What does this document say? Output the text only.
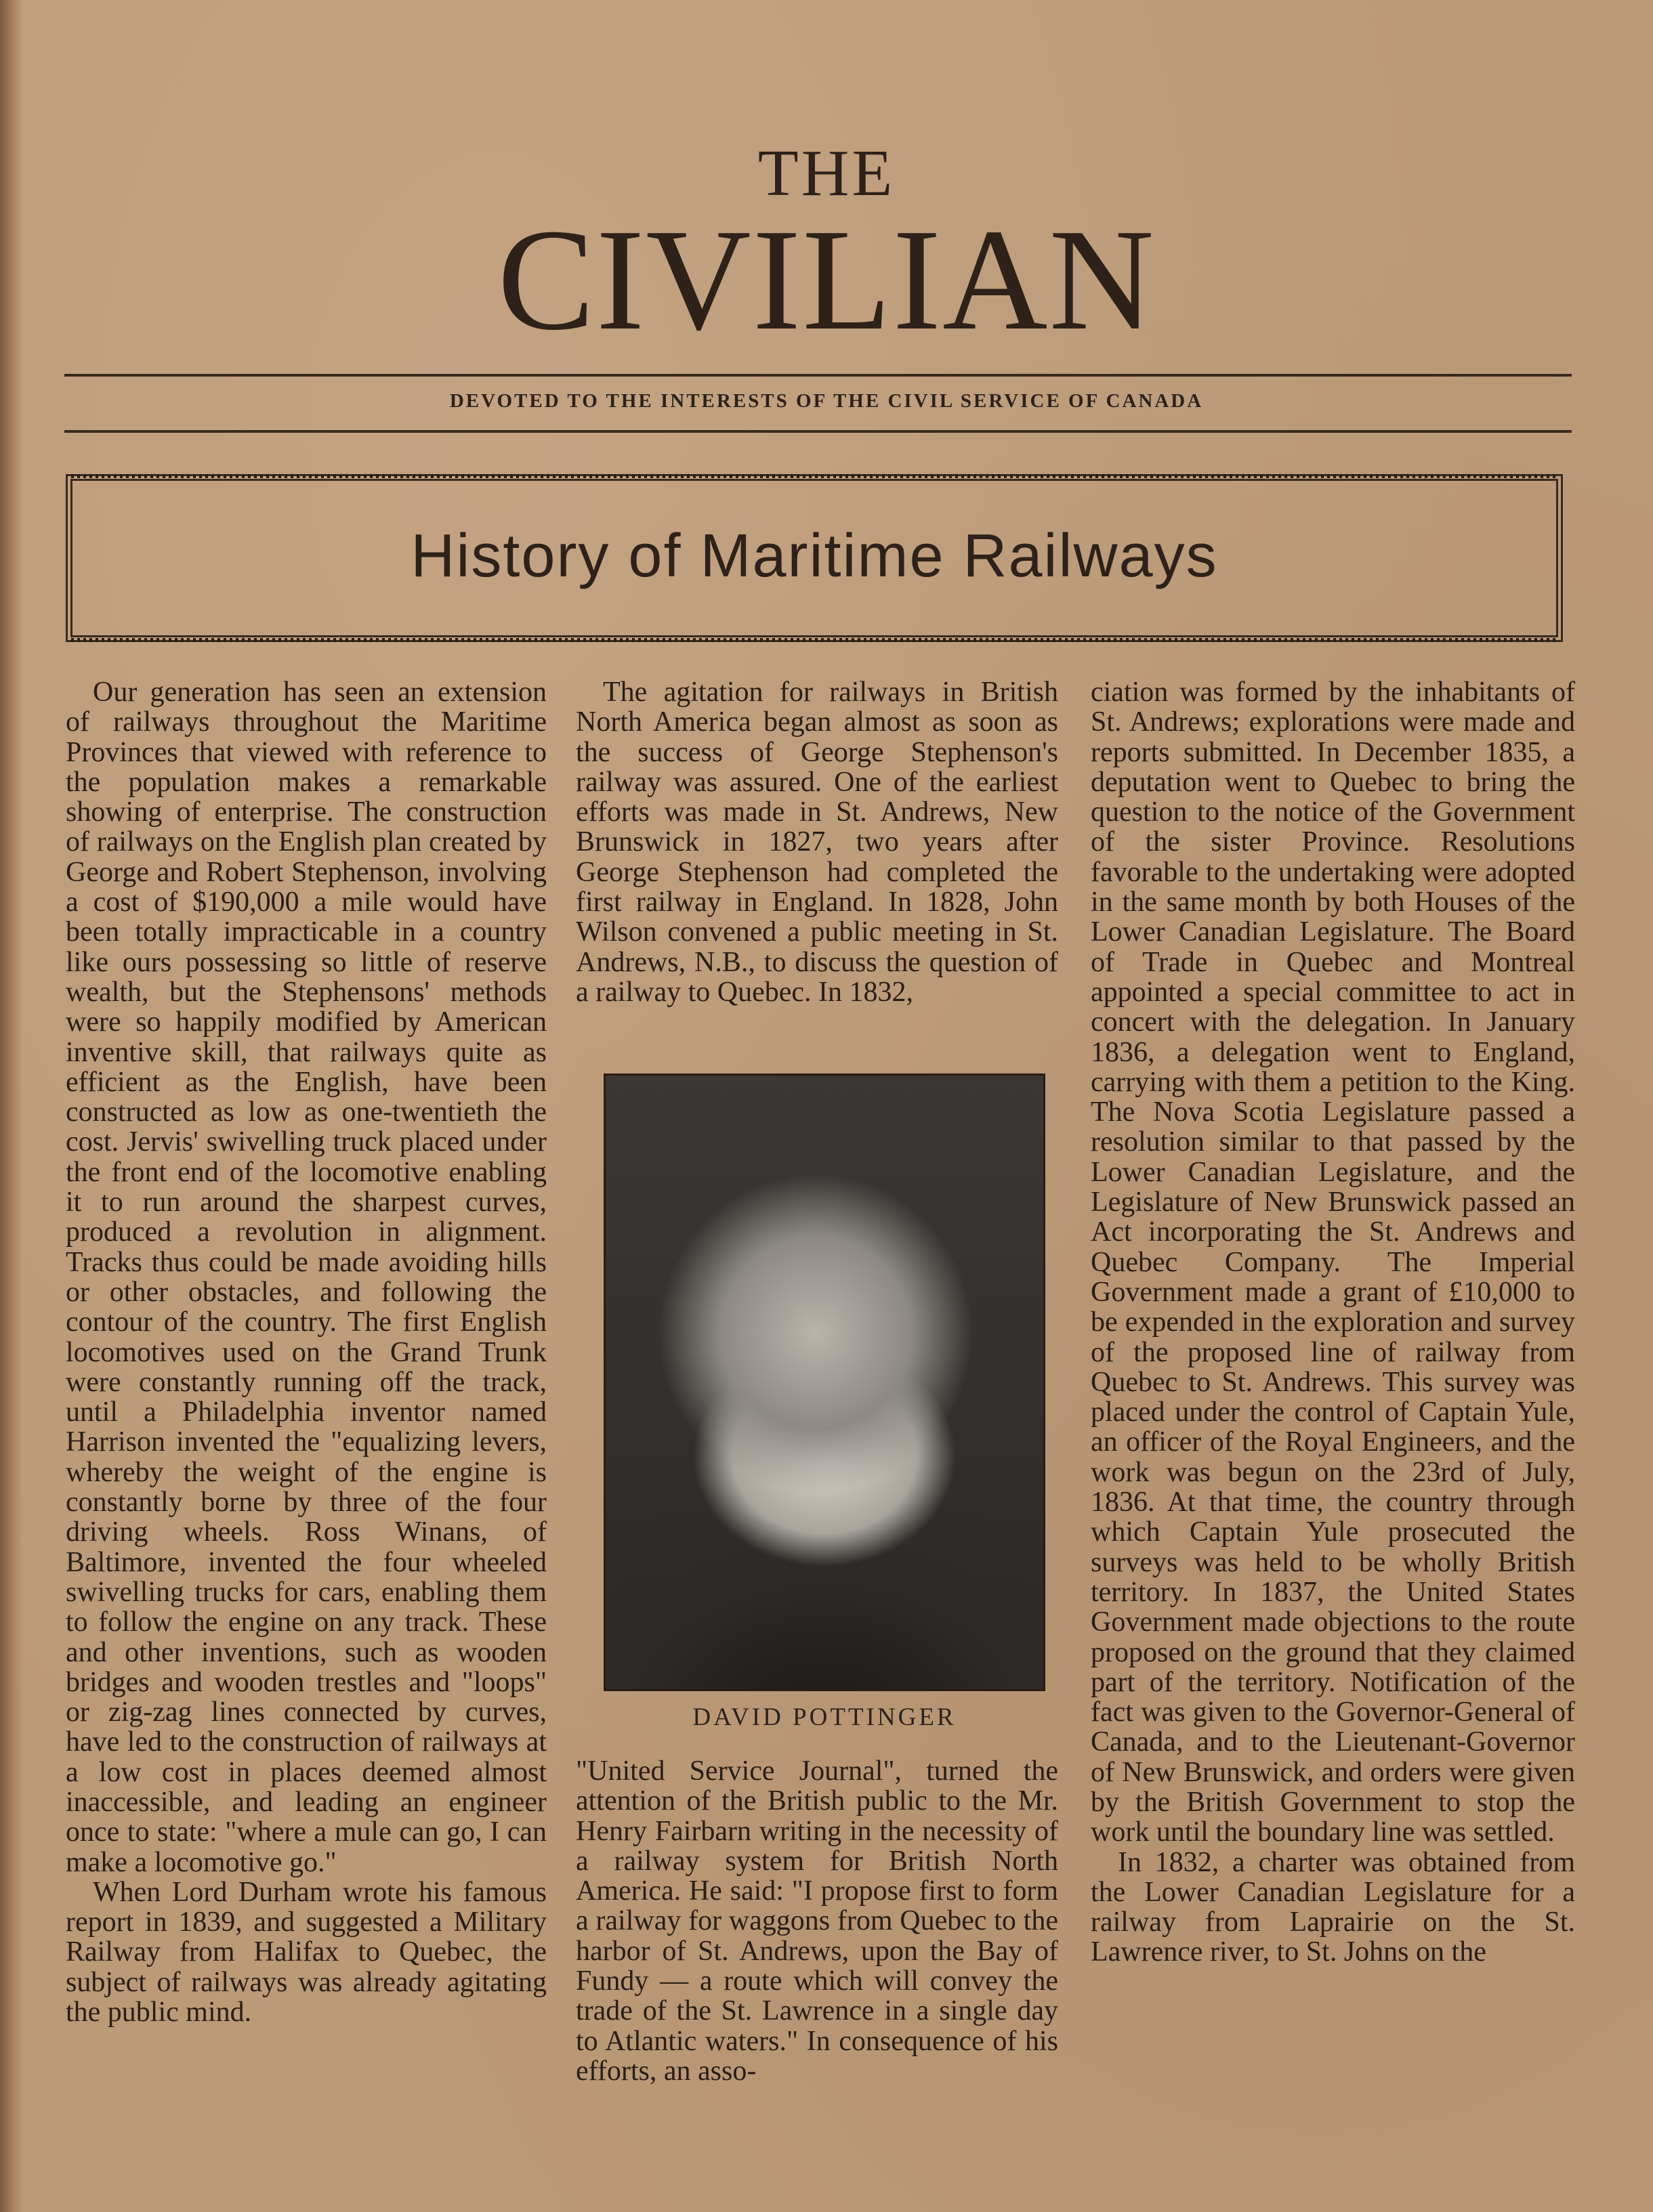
THE
CIVILIAN
DEVOTED TO THE INTERESTS OF THE CIVIL SERVICE OF CANADA
History of Maritime Railways

Our generation has seen an extension of railways throughout the Maritime Provinces that viewed with reference to the population makes a remarkable showing of enterprise. The construction of railways on the English plan created by George and Robert Stephenson, involving a cost of $190,000 a mile would have been totally impracticable in a country like ours possessing so little of reserve wealth, but the Stephensons' methods were so happily modified by American inventive skill, that railways quite as efficient as the English, have been constructed as low as one-twentieth the cost. Jervis' swivelling truck placed under the front end of the locomotive enabling it to run around the sharpest curves, produced a revolution in alignment. Tracks thus could be made avoiding hills or other obstacles, and following the contour of the country. The first English locomotives used on the Grand Trunk were constantly running off the track, until a Philadelphia inventor named Harrison invented the "equalizing levers, whereby the weight of the engine is constantly borne by three of the four driving wheels. Ross Winans, of Baltimore, invented the four wheeled swivelling trucks for cars, enabling them to follow the engine on any track. These and other inventions, such as wooden bridges and wooden trestles and "loops" or zig-zag lines connected by curves, have led to the construction of railways at a low cost in places deemed almost inaccessible, and leading an engineer once to state: "where a mule can go, I can make a locomotive go."

When Lord Durham wrote his famous report in 1839, and suggested a Military Railway from Halifax to Quebec, the subject of railways was already agitating the public mind.

The agitation for railways in British North America began almost as soon as the success of George Stephenson's railway was assured. One of the earliest efforts was made in St. Andrews, New Brunswick in 1827, two years after George Stephenson had completed the first railway in England. In 1828, John Wilson convened a public meeting in St. Andrews, N.B., to discuss the question of a railway to Quebec. In 1832,

"United Service Journal", turned the attention of the British public to the Mr. Henry Fairbarn writing in the necessity of a railway system for British North America. He said: "I propose first to form a railway for waggons from Quebec to the harbor of St. Andrews, upon the Bay of Fundy — a route which will convey the trade of the St. Lawrence in a single day to Atlantic waters." In consequence of his efforts, an asso-

DAVID POTTINGER

ciation was formed by the inhabitants of St. Andrews; explorations were made and reports submitted. In December 1835, a deputation went to Quebec to bring the question to the notice of the Government of the sister Province. Resolutions favorable to the undertaking were adopted in the same month by both Houses of the Lower Canadian Legislature. The Board of Trade in Quebec and Montreal appointed a special committee to act in concert with the delegation. In January 1836, a delegation went to England, carrying with them a petition to the King. The Nova Scotia Legislature passed a resolution similar to that passed by the Lower Canadian Legislature, and the Legislature of New Brunswick passed an Act incorporating the St. Andrews and Quebec Company. The Imperial Government made a grant of £10,000 to be expended in the exploration and survey of the proposed line of railway from Quebec to St. Andrews. This survey was placed under the control of Captain Yule, an officer of the Royal Engineers, and the work was begun on the 23rd of July, 1836. At that time, the country through which Captain Yule prosecuted the surveys was held to be wholly British territory. In 1837, the United States Government made objections to the route proposed on the ground that they claimed part of the territory. Notification of the fact was given to the Governor-General of Canada, and to the Lieutenant-Governor of New Brunswick, and orders were given by the British Government to stop the work until the boundary line was settled.

In 1832, a charter was obtained from the Lower Canadian Legislature for a railway from Laprairie on the St. Lawrence river, to St. Johns on the
